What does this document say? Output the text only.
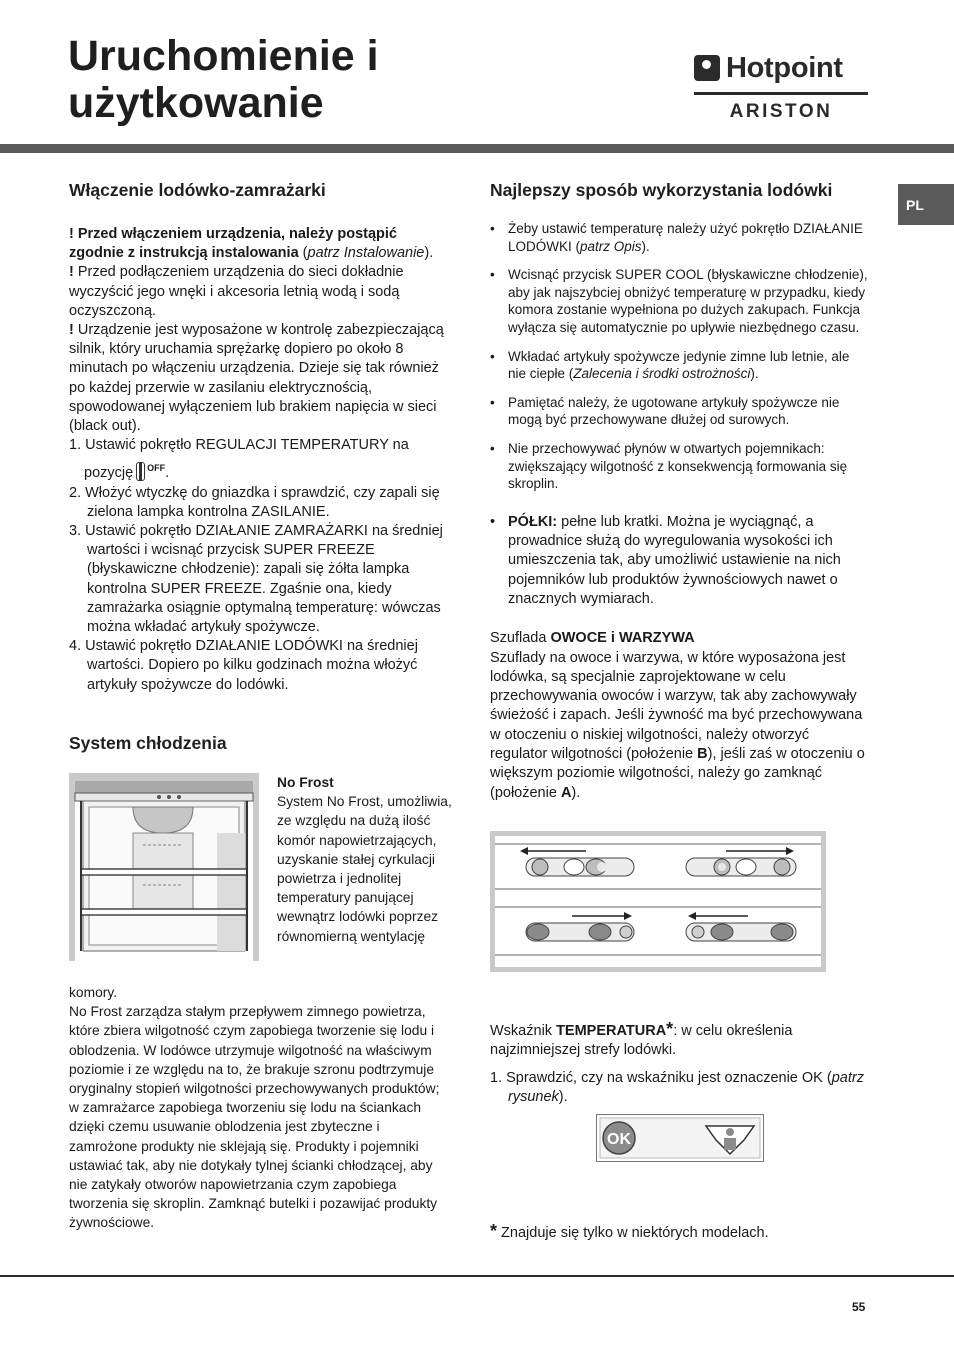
Uruchomienie i
użytkowanie
Hotpoint
ARISTON
PL
Włączenie lodówko-zamrażarki

! Przed włączeniem urządzenia, należy postąpić zgodnie z instrukcją instalowania (patrz Instalowanie).

! Przed podłączeniem urządzenia do sieci dokładnie wyczyścić jego wnęki i akcesoria letnią wodą i sodą oczyszczoną.

! Urządzenie jest wyposażone w kontrolę zabezpieczającą silnik, który uruchamia sprężarkę dopiero po około 8 minutach po włączeniu urządzenia. Dzieje się tak również po każdej przerwie w zasilaniu elektrycznością, spowodowanej wyłączeniem lub brakiem napięcia w sieci (black out).

1. Ustawić pokrętło REGULACJI TEMPERATURY na

pozycję $^{OFF}$.

2. Włożyć wtyczkę do gniazdka i sprawdzić, czy zapali się zielona lampka kontrolna ZASILANIE.

3. Ustawić pokrętło DZIAŁANIE ZAMRAŻARKI na średniej wartości i wcisnąć przycisk SUPER FREEZE (błyskawiczne chłodzenie): zapali się żółta lampka kontrolna SUPER FREEZE. Zgaśnie ona, kiedy zamrażarka osiągnie optymalną temperaturę: wówczas można wkładać artykuły spożywcze.

4. Ustawić pokrętło DZIAŁANIE LODÓWKI na średniej wartości. Dopiero po kilku godzinach można włożyć artykuły spożywcze do lodówki.

System chłodzenia
No Frost
System No Frost, umożliwia, ze względu na dużą ilość komór napowietrzających, uzyskanie stałej cyrkulacji powietrza i jednolitej temperatury panującej wewnątrz lodówki poprzez równomierną wentylację
komory.
No Frost zarządza stałym przepływem zimnego powietrza, które zbiera wilgotność czym zapobiega tworzenie się lodu i oblodzenia. W lodówce utrzymuje wilgotność na właściwym poziomie i ze względu na to, że brakuje szronu podtrzymuje oryginalny stopień wilgotności przechowywanych produktów; w zamrażarce zapobiega tworzeniu się lodu na ściankach dzięki czemu usuwanie oblodzenia jest zbyteczne i zamrożone produkty nie sklejają się. Produkty i pojemniki ustawiać tak, aby nie dotykały tylnej ścianki chłodzącej, aby nie zatykały otworów napowietrzania czym zapobiega tworzenia się skroplin. Zamknąć butelki i pozawijać produkty żywnościowe.
Najlepszy sposób wykorzystania lodówki
• Żeby ustawić temperaturę należy użyć pokrętło DZIAŁANIE LODÓWKI (patrz Opis).
• Wcisnąć przycisk SUPER COOL (błyskawiczne chłodzenie), aby jak najszybciej obniżyć temperaturę w przypadku, kiedy komora zostanie wypełniona po dużych zakupach. Funkcja wyłącza się automatycznie po upływie niezbędnego czasu.
• Wkładać artykuły spożywcze jedynie zimne lub letnie, ale nie ciepłe (Zalecenia i środki ostrożności).
• Pamiętać należy, że ugotowane artykuły spożywcze nie mogą być przechowywane dłużej od surowych.
• Nie przechowywać płynów w otwartych pojemnikach: zwiększający wilgotność z konsekwencją formowania się skroplin.
• PÓŁKI: pełne lub kratki. Można je wyciągnąć, a prowadnice służą do wyregulowania wysokości ich umieszczenia tak, aby umożliwić ustawienie na nich pojemników lub produktów żywnościowych nawet o znacznych wymiarach.
Szuflada OWOCE i WARZYWA
Szuflady na owoce i warzywa, w które wyposażona jest lodówka, są specjalnie zaprojektowane w celu przechowywania owoców i warzyw, tak aby zachowywały świeżość i zapach. Jeśli żywność ma być przechowywana w otoczeniu o niskiej wilgotności, należy otworzyć regulator wilgotności (położenie B), jeśli zaś w otoczeniu o większym poziomie wilgotności, należy go zamknąć (położenie A).
Wskaźnik TEMPERATURA*: w celu określenia najzimniejszej strefy lodówki.
1. Sprawdzić, czy na wskaźniku jest oznaczenie OK (patrz rysunek).
OK
* Znajduje się tylko w niektórych modelach.
55
